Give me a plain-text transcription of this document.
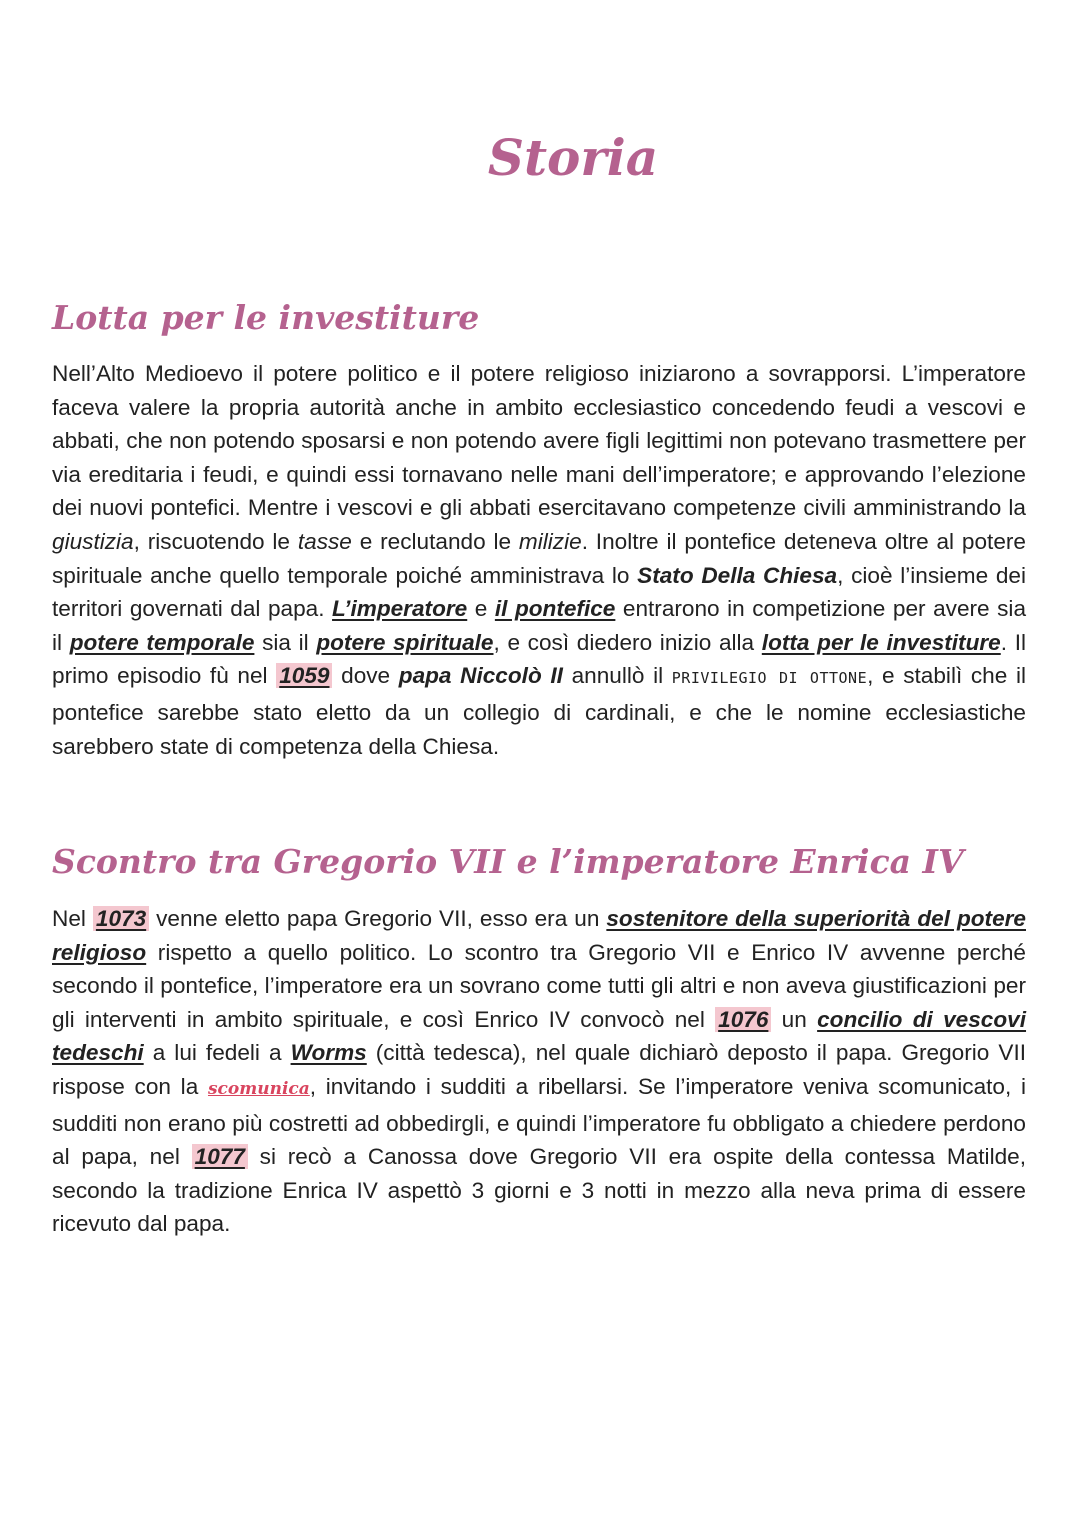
Storia
Lotta per le investiture

Nell’Alto Medioevo il potere politico e il potere religioso iniziarono a sovrapporsi. L’imperatore faceva valere la propria autorità anche in ambito ecclesiastico concedendo feudi a vescovi e abbati, che non potendo sposarsi e non potendo avere figli legittimi non potevano trasmettere per via ereditaria i feudi, e quindi essi tornavano nelle mani dell’imperatore; e approvando l’elezione dei nuovi pontefici. Mentre i vescovi e gli abbati esercitavano competenze civili amministrando la giustizia, riscuotendo le tasse e reclutando le milizie. Inoltre il pontefice deteneva oltre al potere spirituale anche quello temporale poiché amministrava lo Stato Della Chiesa, cioè l’insieme dei territori governati dal papa. L’imperatore e il pontefice entrarono in competizione per avere sia il potere temporale sia il potere spirituale, e così diedero inizio alla lotta per le investiture. Il primo episodio fù nel 1059 dove papa Niccolò II annullò il PRIVILEGIO DI OTTONE, e stabilì che il pontefice sarebbe stato eletto da un collegio di cardinali, e che le nomine ecclesiastiche sarebbero state di competenza della Chiesa.

Scontro tra Gregorio VII e l’imperatore Enrica IV

Nel 1073 venne eletto papa Gregorio VII, esso era un sostenitore della superiorità del potere religioso rispetto a quello politico. Lo scontro tra Gregorio VII e Enrico IV avvenne perché secondo il pontefice, l’imperatore era un sovrano come tutti gli altri e non aveva giustificazioni per gli interventi in ambito spirituale, e così Enrico IV convocò nel 1076 un concilio di vescovi tedeschi a lui fedeli a Worms (città tedesca), nel quale dichiarò deposto il papa. Gregorio VII rispose con la scomunica, invitando i sudditi a ribellarsi. Se l’imperatore veniva scomunicato, i sudditi non erano più costretti ad obbedirgli, e quindi l’imperatore fu obbligato a chiedere perdono al papa, nel 1077 si recò a Canossa dove Gregorio VII era ospite della contessa Matilde, secondo la tradizione Enrica IV aspettò 3 giorni e 3 notti in mezzo alla neva prima di essere ricevuto dal papa.
